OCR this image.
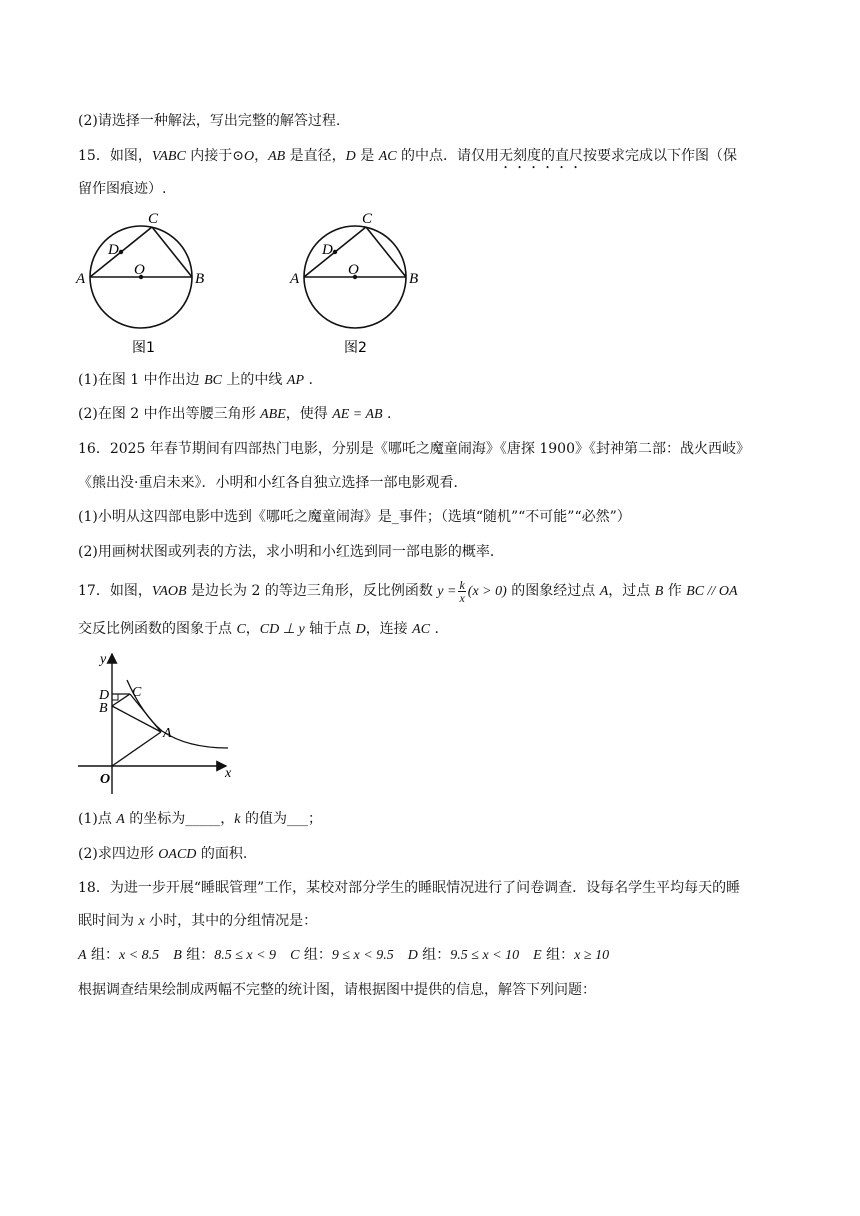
(2)请选择一种解法，写出完整的解答过程.
15．如图，VABC 内接于⊙O，AB 是直径，D 是 AC 的中点．请仅用无刻度的直尺按要求完成以下作图（保
留作图痕迹）.
A	B
C
D
O
图1
A	B
C
D
O
图2
(1)在图 1 中作出边 BC 上的中线 AP .
(2)在图 2 中作出等腰三角形 ABE，使得 AE = AB .
16．2025 年春节期间有四部热门电影，分别是《哪吒之魔童闹海》《唐探 1900》《封神第二部：战火西岐》
《熊出没·重启未来》．小明和小红各自独立选择一部电影观看．
(1)小明从这四部电影中选到《哪吒之魔童闹海》是_事件；（选填“随机”“不可能”“必然”）
(2)用画树状图或列表的方法，求小明和小红选到同一部电影的概率．
17．如图，VAOB 是边长为 2 的等边三角形，反比例函数 $y = \frac{k}{x} (x > 0)$ 的图象经过点 A，过点 B 作 BC // OA
交反比例函数的图象于点 C，CD ⊥ y 轴于点 D，连接 AC .
y
x
O
A
B
C
D
(1)点 A 的坐标为_____，k 的值为___；
(2)求四边形 OACD 的面积.
18．为进一步开展“睡眠管理”工作，某校对部分学生的睡眠情况进行了问卷调查．设每名学生平均每天的睡
眠时间为 x 小时，其中的分组情况是：
A 组：x < 8.5 B 组：8.5 ≤ x < 9 C 组：9 ≤ x < 9.5 D 组：9.5 ≤ x < 10 E 组：x ≥ 10
根据调查结果绘制成两幅不完整的统计图，请根据图中提供的信息，解答下列问题：
